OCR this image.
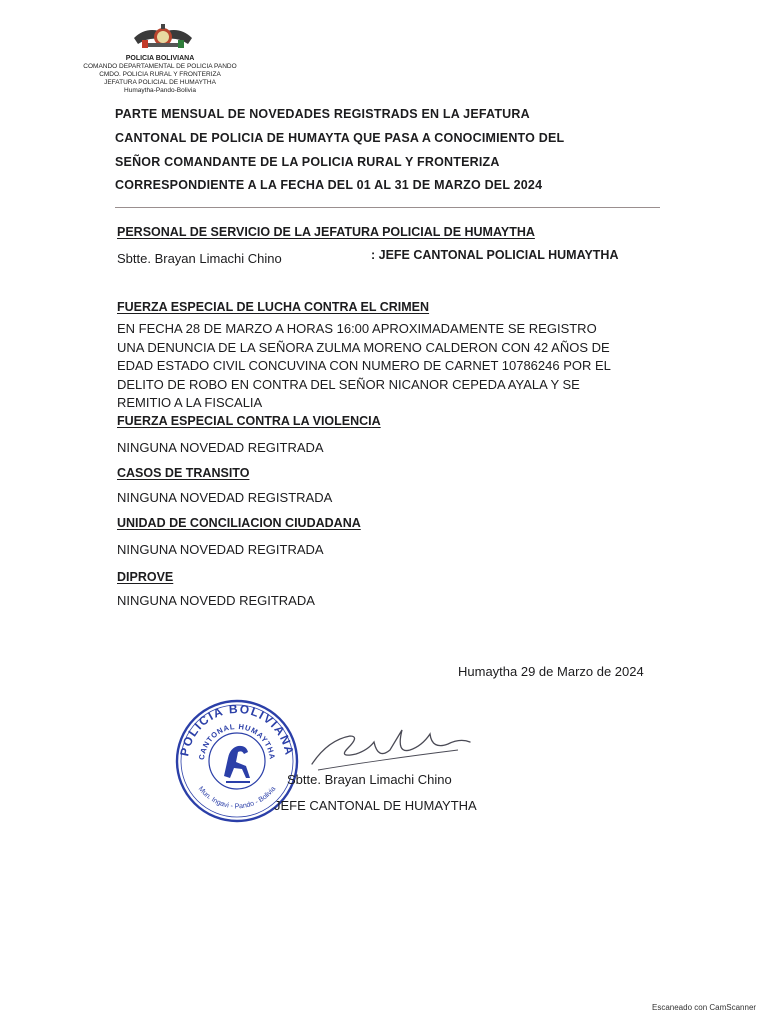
POLICIA BOLIVIANA
COMANDO DEPARTAMENTAL DE POLICIA PANDO
CMDO. POLICIA RURAL Y FRONTERIZA
JEFATURA POLICIAL DE HUMAYTHA
Humaytha-Pando-Bolivia
PARTE MENSUAL DE NOVEDADES REGISTRADS EN LA JEFATURA
CANTONAL DE POLICIA DE HUMAYTA QUE PASA A CONOCIMIENTO DEL
SEÑOR COMANDANTE DE LA POLICIA RURAL Y FRONTERIZA
CORRESPONDIENTE A LA FECHA DEL 01 AL 31 DE MARZO DEL 2024
PERSONAL DE SERVICIO DE LA JEFATURA POLICIAL DE HUMAYTHA
Sbtte. Brayan Limachi Chino	: JEFE CANTONAL POLICIAL HUMAYTHA
FUERZA ESPECIAL DE LUCHA CONTRA EL CRIMEN
EN FECHA 28 DE MARZO A HORAS 16:00 APROXIMADAMENTE SE REGISTRO
UNA DENUNCIA DE LA SEÑORA ZULMA MORENO CALDERON CON 42 AÑOS DE
EDAD ESTADO CIVIL CONCUVINA CON NUMERO DE CARNET 10786246 POR EL
DELITO DE ROBO EN CONTRA DEL SEÑOR NICANOR CEPEDA AYALA Y SE
REMITIO A LA FISCALIA
FUERZA ESPECIAL CONTRA LA VIOLENCIA
NINGUNA NOVEDAD REGITRADA
CASOS DE TRANSITO
NINGUNA NOVEDAD REGISTRADA
UNIDAD DE CONCILIACION CIUDADANA
NINGUNA NOVEDAD REGITRADA
DIPROVE
NINGUNA NOVEDD REGITRADA
Humaytha 29 de Marzo de 2024
POLICIA BOLIVIANA
CANTONAL HUMAYTHA
Mun. Ingavi - Pando - Bolivia
Sbtte. Brayan Limachi Chino
JEFE CANTONAL DE HUMAYTHA
Escaneado con CamScanner
